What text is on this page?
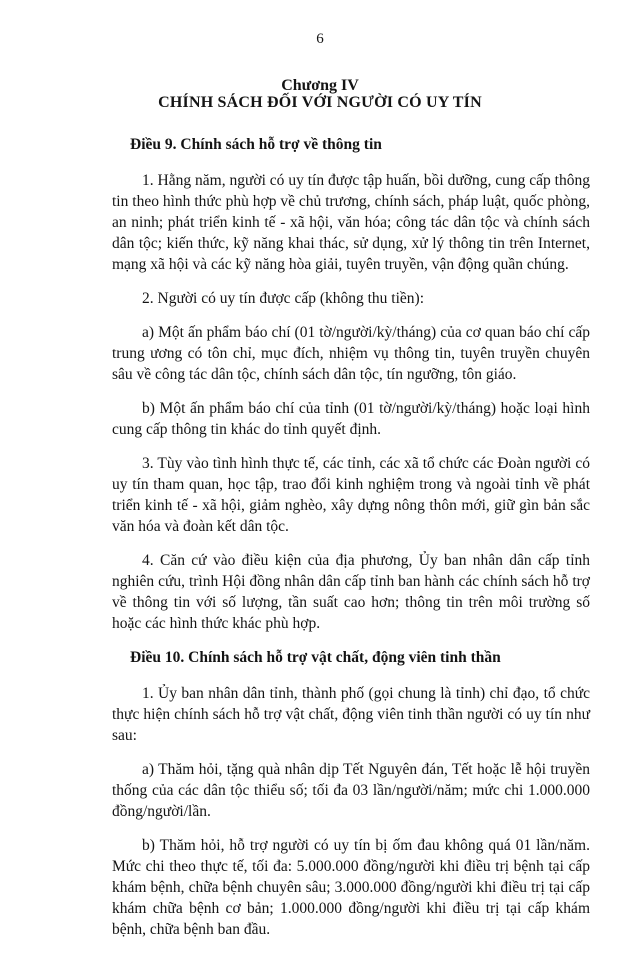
6
Chương IV
CHÍNH SÁCH ĐỐI VỚI NGƯỜI CÓ UY TÍN
Điều 9. Chính sách hỗ trợ về thông tin

1. Hằng năm, người có uy tín được tập huấn, bồi dưỡng, cung cấp thông tin theo hình thức phù hợp về chủ trương, chính sách, pháp luật, quốc phòng, an ninh; phát triển kinh tế - xã hội, văn hóa; công tác dân tộc và chính sách dân tộc; kiến thức, kỹ năng khai thác, sử dụng, xử lý thông tin trên Internet, mạng xã hội và các kỹ năng hòa giải, tuyên truyền, vận động quần chúng.

2. Người có uy tín được cấp (không thu tiền):

a) Một ấn phẩm báo chí (01 tờ/người/kỳ/tháng) của cơ quan báo chí cấp trung ương có tôn chỉ, mục đích, nhiệm vụ thông tin, tuyên truyền chuyên sâu về công tác dân tộc, chính sách dân tộc, tín ngưỡng, tôn giáo.

b) Một ấn phẩm báo chí của tỉnh (01 tờ/người/kỳ/tháng) hoặc loại hình cung cấp thông tin khác do tỉnh quyết định.

3. Tùy vào tình hình thực tế, các tỉnh, các xã tổ chức các Đoàn người có uy tín tham quan, học tập, trao đổi kinh nghiệm trong và ngoài tỉnh về phát triển kinh tế - xã hội, giảm nghèo, xây dựng nông thôn mới, giữ gìn bản sắc văn hóa và đoàn kết dân tộc.

4. Căn cứ vào điều kiện của địa phương, Ủy ban nhân dân cấp tỉnh nghiên cứu, trình Hội đồng nhân dân cấp tỉnh ban hành các chính sách hỗ trợ về thông tin với số lượng, tần suất cao hơn; thông tin trên môi trường số hoặc các hình thức khác phù hợp.

Điều 10. Chính sách hỗ trợ vật chất, động viên tinh thần

1. Ủy ban nhân dân tỉnh, thành phố (gọi chung là tỉnh) chỉ đạo, tổ chức thực hiện chính sách hỗ trợ vật chất, động viên tinh thần người có uy tín như sau:

a) Thăm hỏi, tặng quà nhân dịp Tết Nguyên đán, Tết hoặc lễ hội truyền thống của các dân tộc thiểu số; tối đa 03 lần/người/năm; mức chi 1.000.000 đồng/người/lần.

b) Thăm hỏi, hỗ trợ người có uy tín bị ốm đau không quá 01 lần/năm. Mức chi theo thực tế, tối đa: 5.000.000 đồng/người khi điều trị bệnh tại cấp khám bệnh, chữa bệnh chuyên sâu; 3.000.000 đồng/người khi điều trị tại cấp khám chữa bệnh cơ bản; 1.000.000 đồng/người khi điều trị tại cấp khám bệnh, chữa bệnh ban đầu.
